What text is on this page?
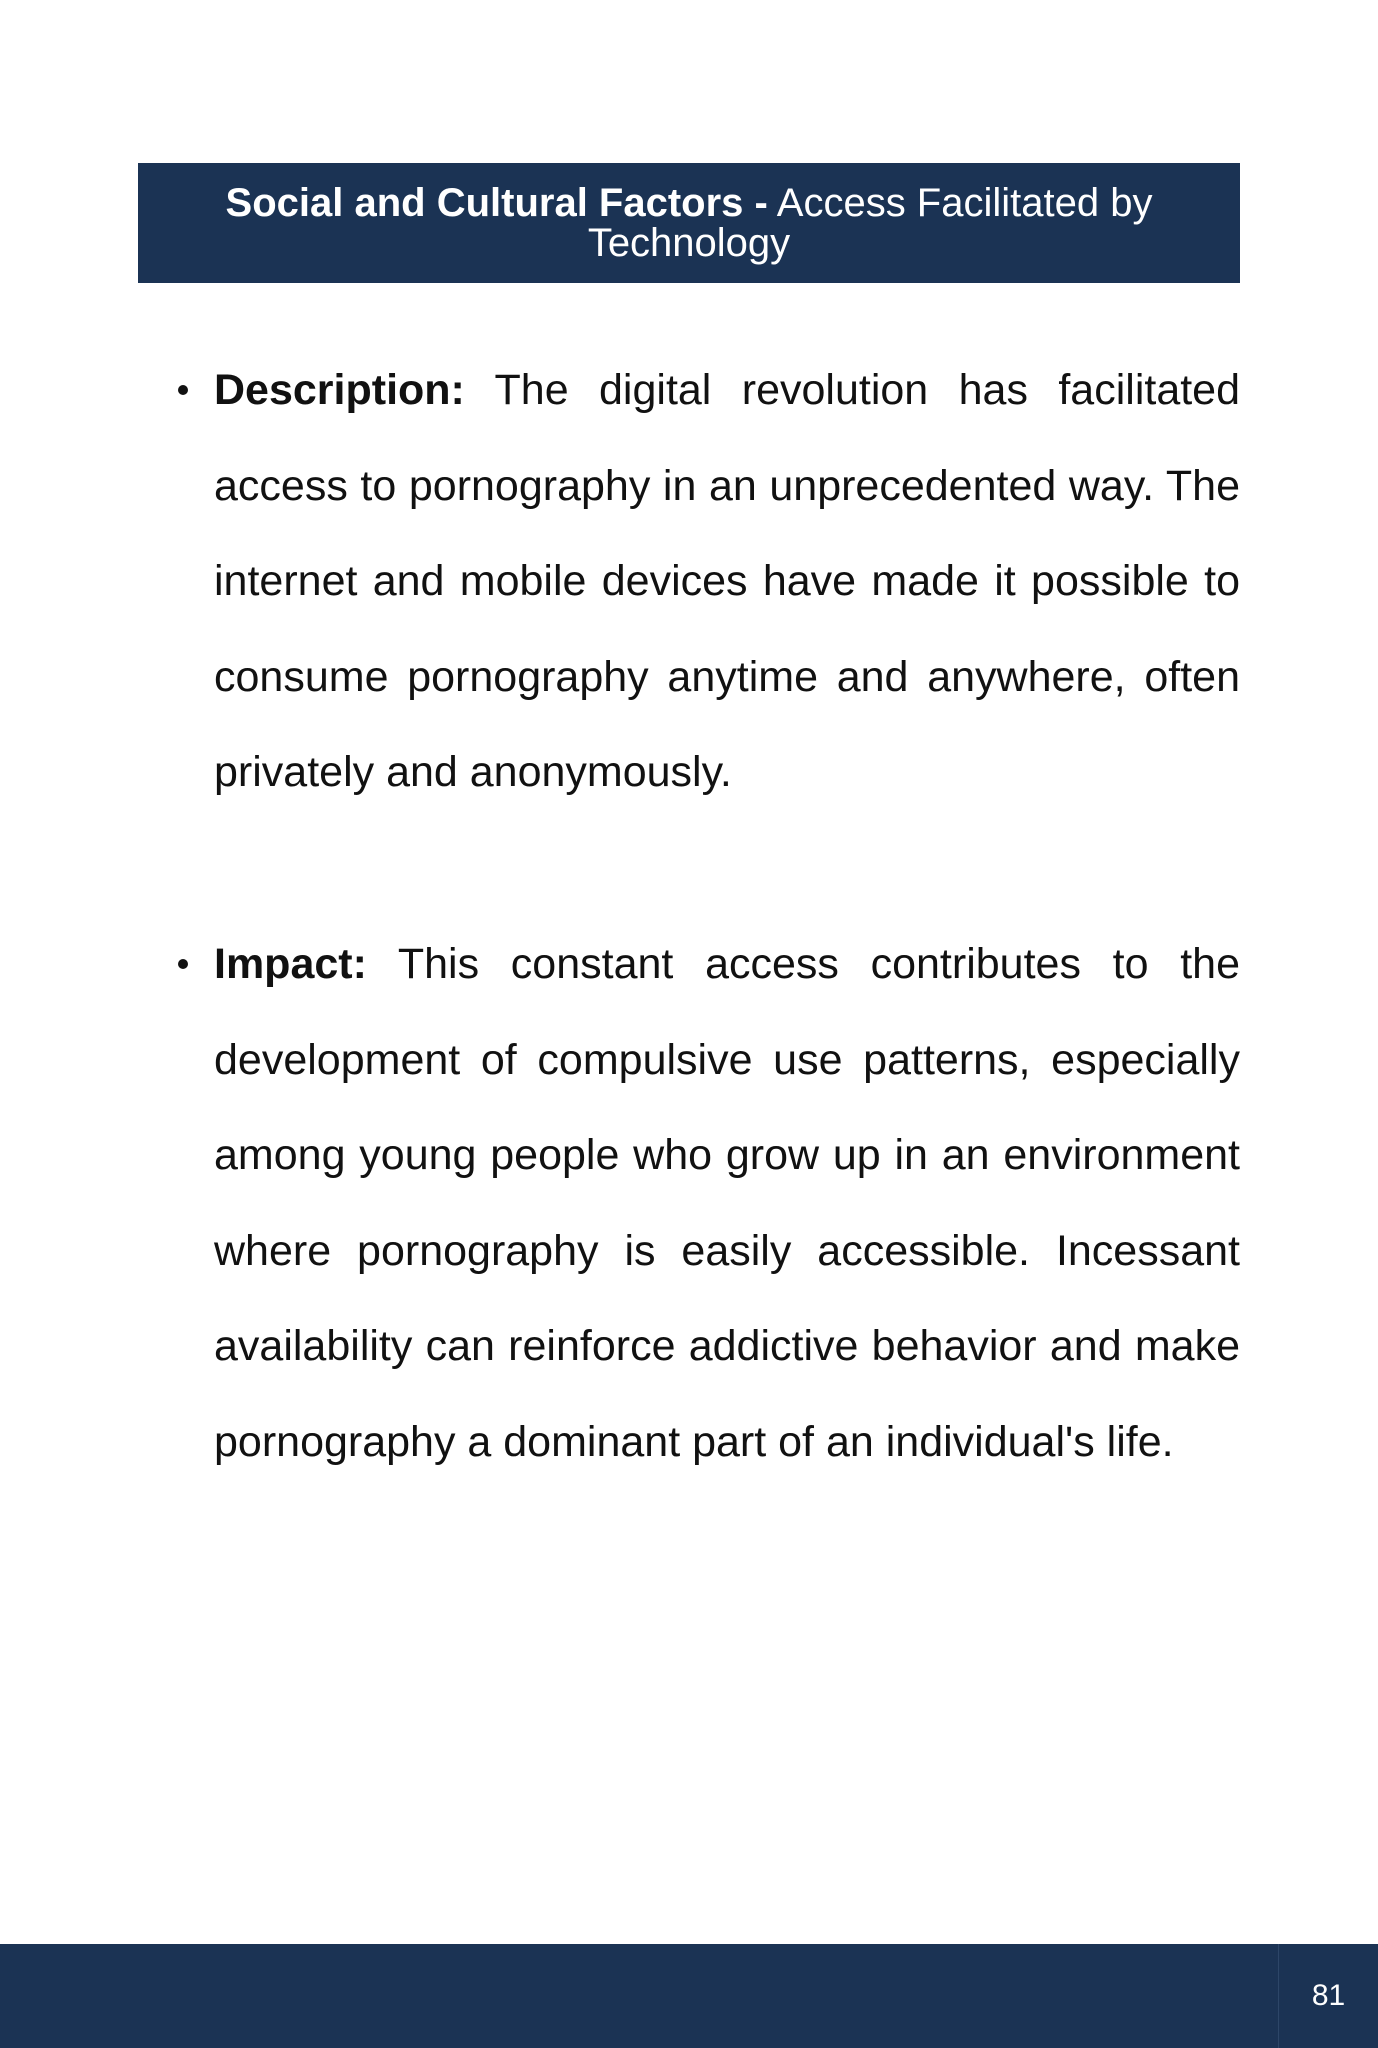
Social and Cultural Factors - Access Facilitated by Technology
Description: The digital revolution has facilitated access to pornography in an unprecedented way. The internet and mobile devices have made it possible to consume pornography anytime and anywhere, often privately and anonymously.
Impact: This constant access contributes to the development of compulsive use patterns, especially among young people who grow up in an environment where pornography is easily accessible. Incessant availability can reinforce addictive behavior and make pornography a dominant part of an individual's life.
81
